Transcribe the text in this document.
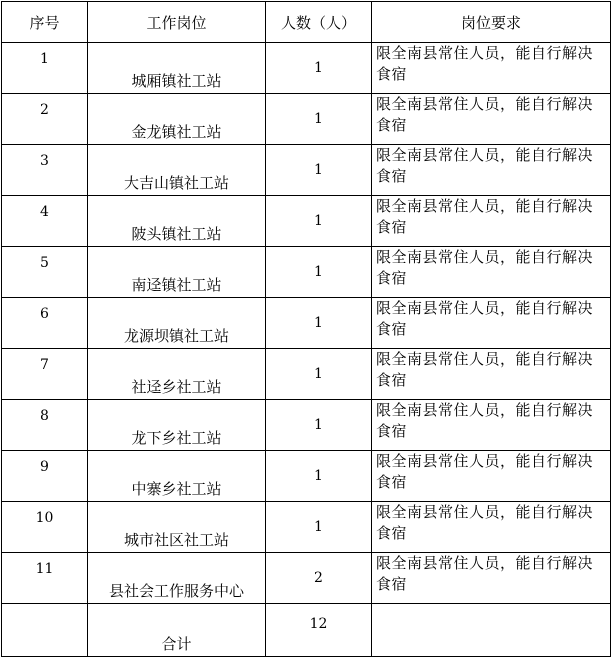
序号	工作岗位	人数（人）	岗位要求
1	城厢镇社工站	1	限全南县常住人员，能自行解决食宿
2	金龙镇社工站	1	限全南县常住人员，能自行解决食宿
3	大吉山镇社工站	1	限全南县常住人员，能自行解决食宿
4	陂头镇社工站	1	限全南县常住人员，能自行解决食宿
5	南迳镇社工站	1	限全南县常住人员，能自行解决食宿
6	龙源坝镇社工站	1	限全南县常住人员，能自行解决食宿
7	社迳乡社工站	1	限全南县常住人员，能自行解决食宿
8	龙下乡社工站	1	限全南县常住人员，能自行解决食宿
9	中寨乡社工站	1	限全南县常住人员，能自行解决食宿
10	城市社区社工站	1	限全南县常住人员，能自行解决食宿
11	县社会工作服务中心	2	限全南县常住人员，能自行解决食宿
	合计	12	
